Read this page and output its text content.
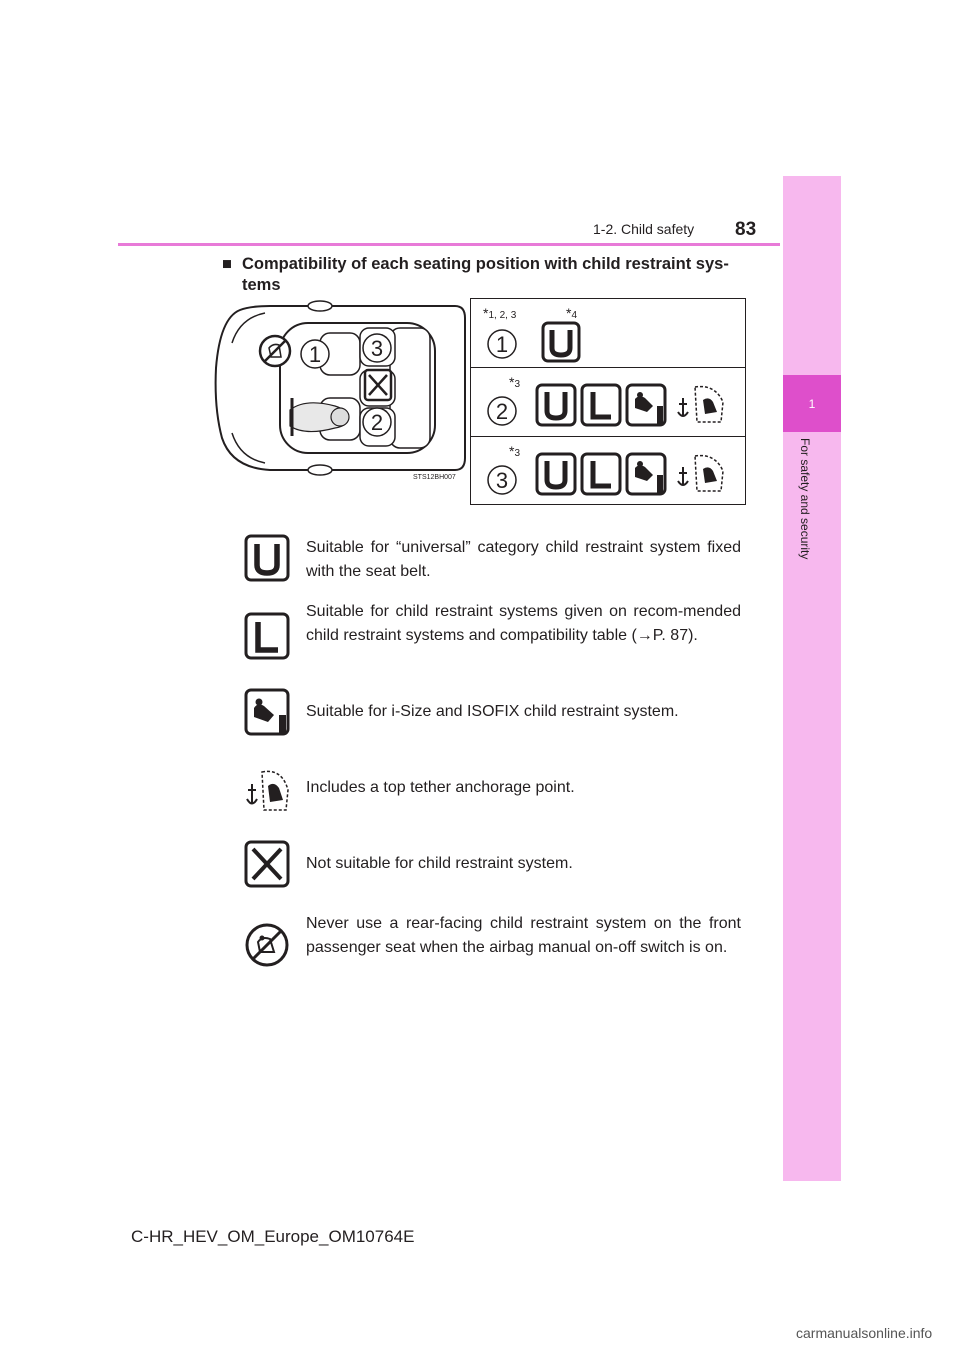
1-2. Child safety 83
1
For safety and security
■ Compatibility of each seating position with child restraint sys-tems
1 3
2
STS12BH007
*1, 2, 3	*4
1
*3
2
*3
3
Suitable for “universal” category child restraint system fixed with the seat belt.
Suitable for child restraint systems given on recom-mended child restraint systems and compatibility table (→P. 87).
Suitable for i-Size and ISOFIX child restraint system.
Includes a top tether anchorage point.
Not suitable for child restraint system.
Never use a rear-facing child restraint system on the front passenger seat when the airbag manual on-off switch is on.
C-HR_HEV_OM_Europe_OM10764E
carmanualsonline.info
